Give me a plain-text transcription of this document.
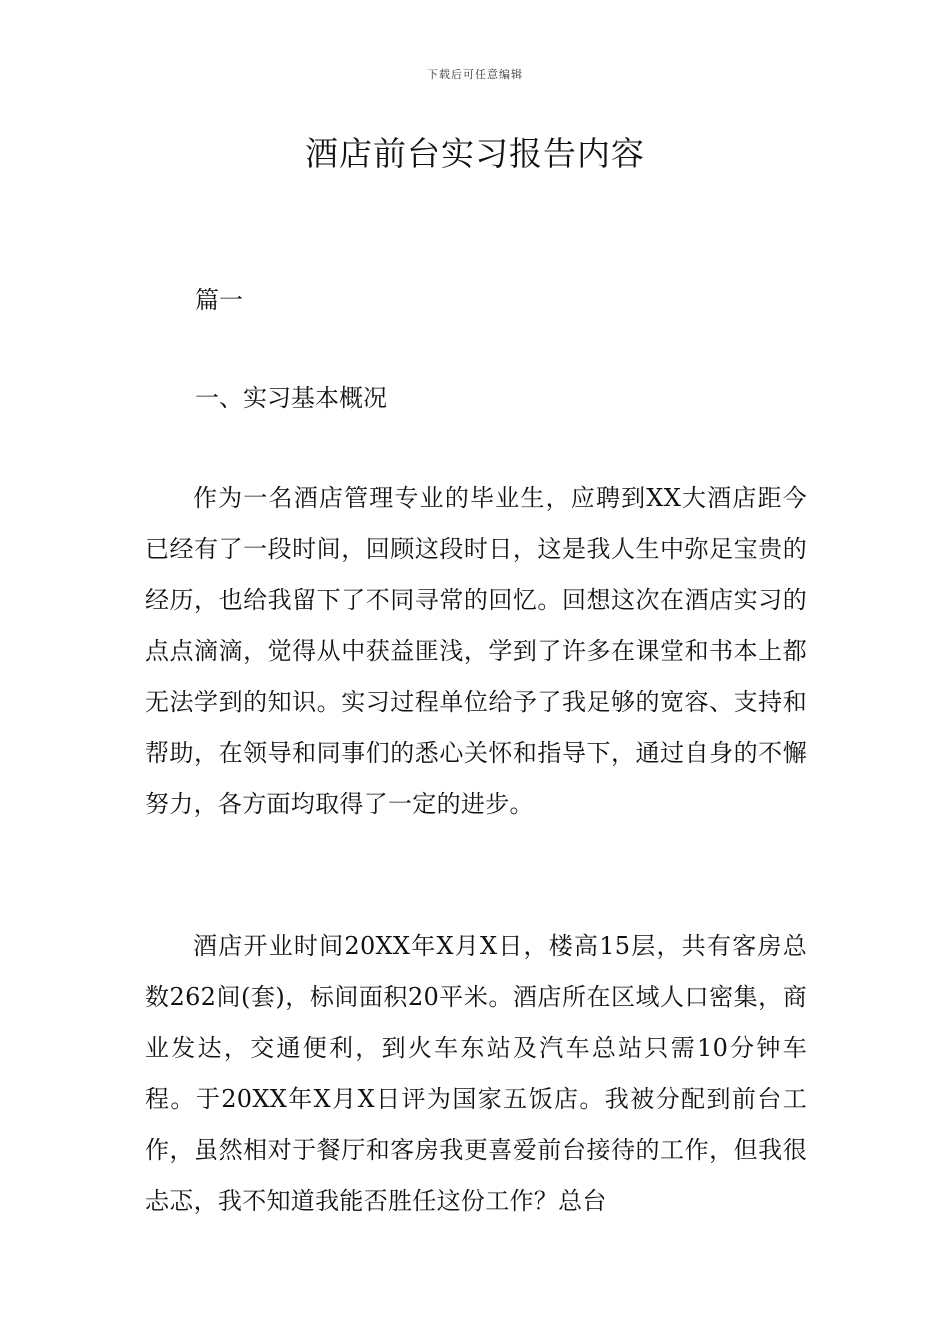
下载后可任意编辑
酒店前台实习报告内容

篇一

一、实习基本概况

作为一名酒店管理专业的毕业生，应聘到XX大酒店距今已经有了一段时间，回顾这段时日，这是我人生中弥足宝贵的经历，也给我留下了不同寻常的回忆。回想这次在酒店实习的点点滴滴，觉得从中获益匪浅，学到了许多在课堂和书本上都无法学到的知识。实习过程单位给予了我足够的宽容、支持和帮助，在领导和同事们的悉心关怀和指导下，通过自身的不懈努力，各方面均取得了一定的进步。

酒店开业时间20XX年X月X日，楼高15层，共有客房总数262间(套)，标间面积20平米。酒店所在区域人口密集，商业发达，交通便利，到火车东站及汽车总站只需10分钟车程。于20XX年X月X日评为国家五饭店。我被分配到前台工作，虽然相对于餐厅和客房我更喜爱前台接待的工作，但我很忐忑，我不知道我能否胜任这份工作？总台
